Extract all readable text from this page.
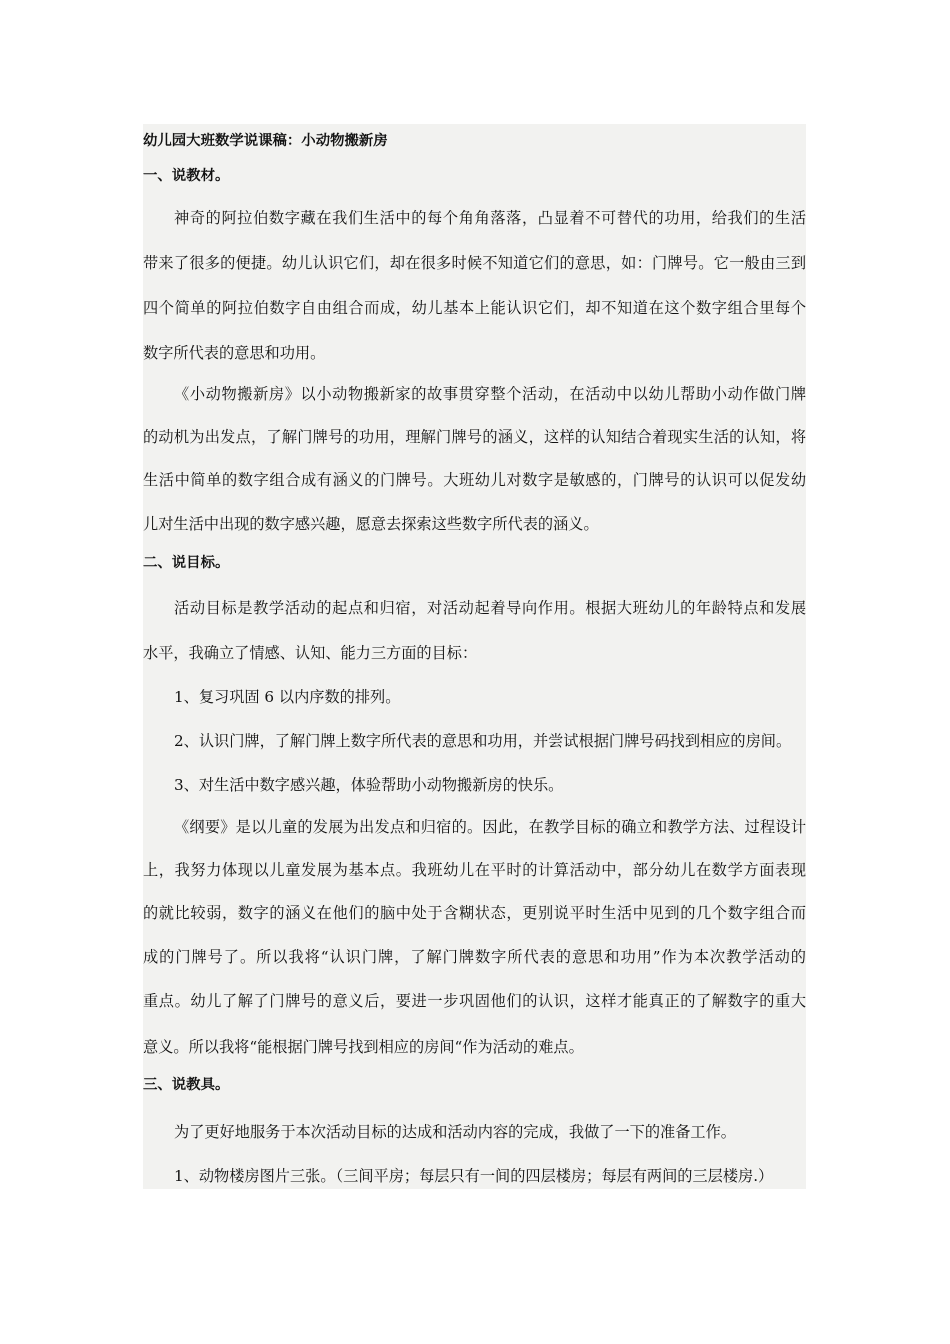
幼儿园大班数学说课稿：小动物搬新房
一、说教材。
神奇的阿拉伯数字藏在我们生活中的每个角角落落，凸显着不可替代的功用，给我们的生活
带来了很多的便捷。幼儿认识它们，却在很多时候不知道它们的意思，如：门牌号。它一般由三到
四个简单的阿拉伯数字自由组合而成，幼儿基本上能认识它们，却不知道在这个数字组合里每个
数字所代表的意思和功用。
《小动物搬新房》以小动物搬新家的故事贯穿整个活动，在活动中以幼儿帮助小动作做门牌
的动机为出发点，了解门牌号的功用，理解门牌号的涵义，这样的认知结合着现实生活的认知，将
生活中简单的数字组合成有涵义的门牌号。大班幼儿对数字是敏感的，门牌号的认识可以促发幼
儿对生活中出现的数字感兴趣，愿意去探索这些数字所代表的涵义。
二、说目标。
活动目标是教学活动的起点和归宿，对活动起着导向作用。根据大班幼儿的年龄特点和发展
水平，我确立了情感、认知、能力三方面的目标：
1、复习巩固 6 以内序数的排列。
2、认识门牌，了解门牌上数字所代表的意思和功用，并尝试根据门牌号码找到相应的房间。
3、对生活中数字感兴趣，体验帮助小动物搬新房的快乐。
《纲要》是以儿童的发展为出发点和归宿的。因此，在教学目标的确立和教学方法、过程设计
上，我努力体现以儿童发展为基本点。我班幼儿在平时的计算活动中，部分幼儿在数学方面表现
的就比较弱，数字的涵义在他们的脑中处于含糊状态，更别说平时生活中见到的几个数字组合而
成的门牌号了。所以我将“认识门牌，了解门牌数字所代表的意思和功用”作为本次教学活动的
重点。幼儿了解了门牌号的意义后，要进一步巩固他们的认识，这样才能真正的了解数字的重大
意义。所以我将“能根据门牌号找到相应的房间“作为活动的难点。
三、说教具。
为了更好地服务于本次活动目标的达成和活动内容的完成，我做了一下的准备工作。
1、动物楼房图片三张。（三间平房；每层只有一间的四层楼房；每层有两间的三层楼房.）
